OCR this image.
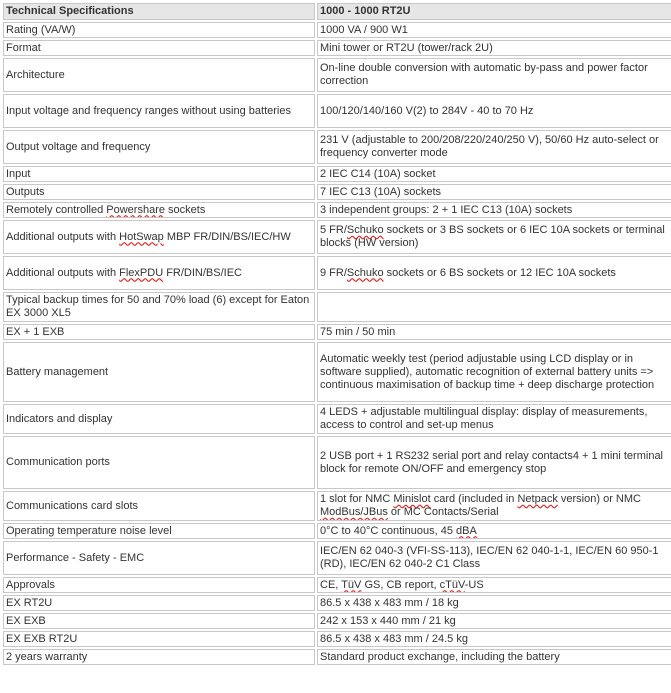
Technical Specifications	1000 - 1000 RT2U
Rating (VA/W)	1000 VA / 900 W1
Format	Mini tower or RT2U (tower/rack 2U)
Architecture	On-line double conversion with automatic by-pass and power factor correction
Input voltage and frequency ranges without using batteries	100/120/140/160 V(2) to 284V - 40 to 70 Hz
Output voltage and frequency	231 V (adjustable to 200/208/220/240/250 V), 50/60 Hz auto-select or frequency converter mode
Input	2 IEC C14 (10A) socket
Outputs	7 IEC C13 (10A) sockets
Remotely controlled Powershare sockets	3 independent groups: 2 + 1 IEC C13 (10A) sockets
Additional outputs with HotSwap MBP FR/DIN/BS/IEC/HW	5 FR/Schuko sockets or 3 BS sockets or 6 IEC 10A sockets or terminal blocks (HW version)
Additional outputs with FlexPDU FR/DIN/BS/IEC	9 FR/Schuko sockets or 6 BS sockets or 12 IEC 10A sockets
Typical backup times for 50 and 70% load (6) except for Eaton EX 3000 XL5	
EX + 1 EXB	75 min / 50 min
Battery management	Automatic weekly test (period adjustable using LCD display or in software supplied), automatic recognition of external battery units => continuous maximisation of backup time + deep discharge protection
Indicators and display	4 LEDS + adjustable multilingual display: display of measurements, access to control and set-up menus
Communication ports	2 USB port + 1 RS232 serial port and relay contacts4 + 1 mini terminal block for remote ON/OFF and emergency stop
Communications card slots	1 slot for NMC Minislot card (included in Netpack version) or NMC ModBus/JBus or MC Contacts/Serial
Operating temperature noise level	0°C to 40°C continuous, 45 dBA
Performance - Safety - EMC	IEC/EN 62 040-3 (VFI-SS-113), IEC/EN 62 040-1-1, IEC/EN 60 950-1 (RD), IEC/EN 62 040-2 C1 Class
Approvals	CE, TüV GS, CB report, cTüV-US
EX RT2U	86.5 x 438 x 483 mm / 18 kg
EX EXB	242 x 153 x 440 mm / 21 kg
EX EXB RT2U	86.5 x 438 x 483 mm / 24.5 kg
2 years warranty	Standard product exchange, including the battery
